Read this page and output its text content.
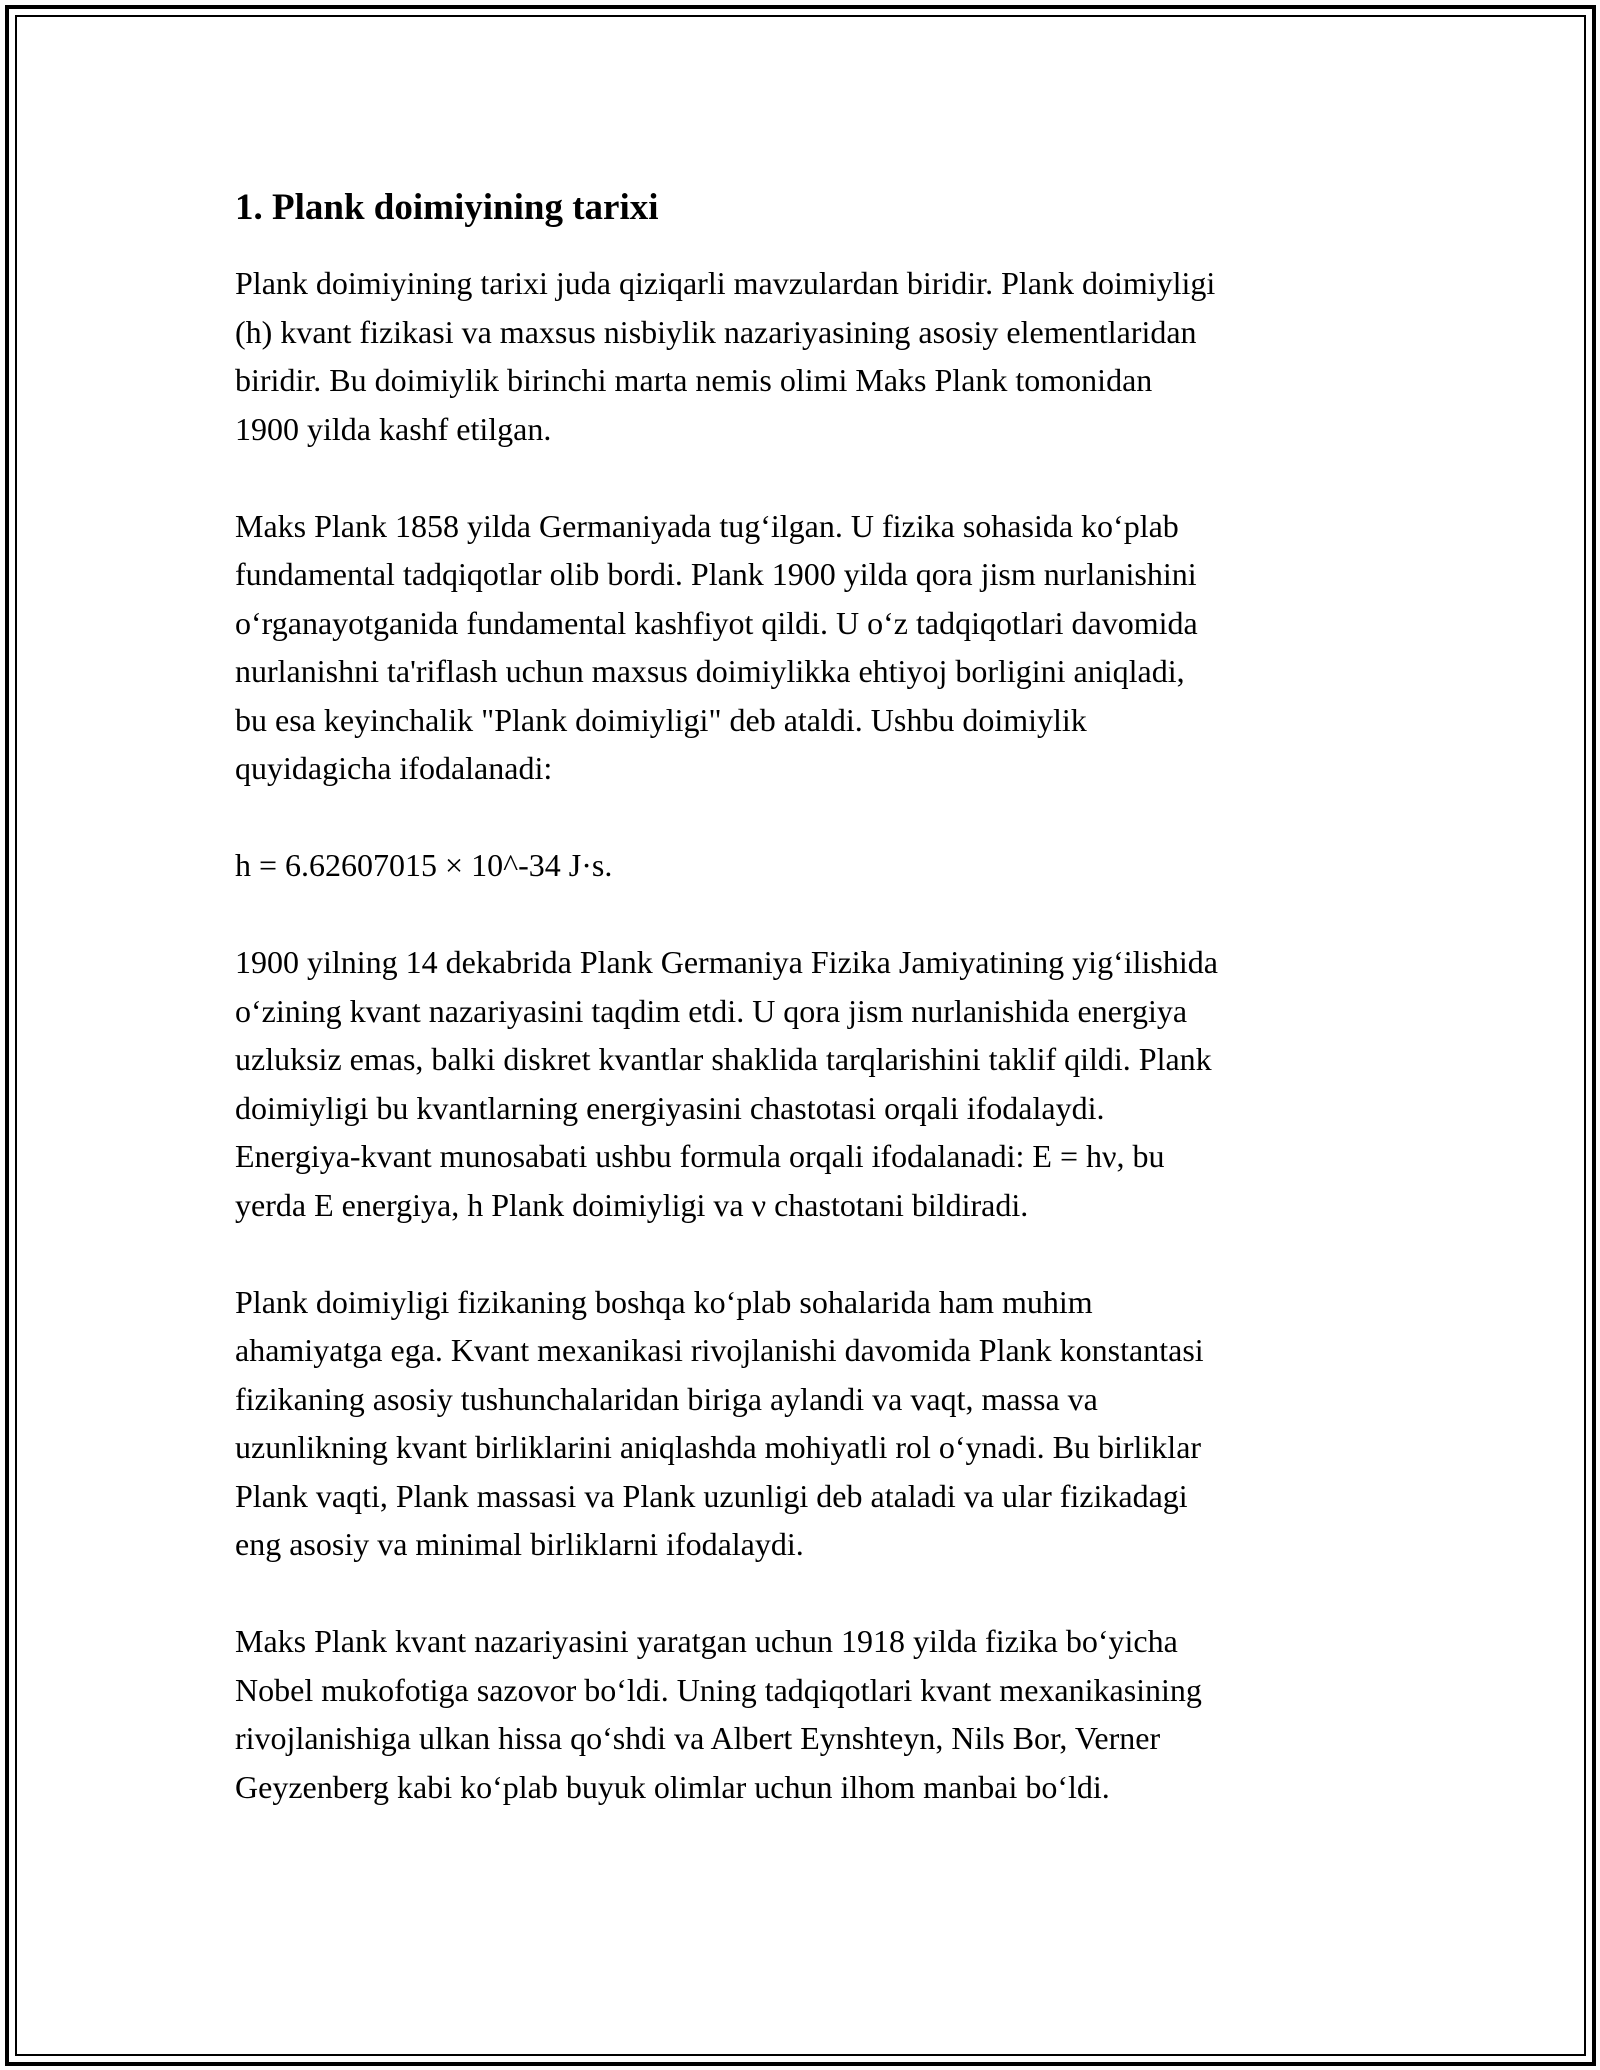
1. Plank doimiyining tarixi
Plank doimiyining tarixi juda qiziqarli mavzulardan biridir. Plank doimiyligi
(h) kvant fizikasi va maxsus nisbiylik nazariyasining asosiy elementlaridan
biridir. Bu doimiylik birinchi marta nemis olimi Maks Plank tomonidan
1900 yilda kashf etilgan.
Maks Plank 1858 yilda Germaniyada tug‘ilgan. U fizika sohasida ko‘plab
fundamental tadqiqotlar olib bordi. Plank 1900 yilda qora jism nurlanishini
o‘rganayotganida fundamental kashfiyot qildi. U o‘z tadqiqotlari davomida
nurlanishni ta'riflash uchun maxsus doimiylikka ehtiyoj borligini aniqladi,
bu esa keyinchalik "Plank doimiyligi" deb ataldi. Ushbu doimiylik
quyidagicha ifodalanadi:
h = 6.62607015 × 10^-34 J·s.
1900 yilning 14 dekabrida Plank Germaniya Fizika Jamiyatining yig‘ilishida
o‘zining kvant nazariyasini taqdim etdi. U qora jism nurlanishida energiya
uzluksiz emas, balki diskret kvantlar shaklida tarqlarishini taklif qildi. Plank
doimiyligi bu kvantlarning energiyasini chastotasi orqali ifodalaydi.
Energiya-kvant munosabati ushbu formula orqali ifodalanadi: E = hν, bu
yerda E energiya, h Plank doimiyligi va ν chastotani bildiradi.
Plank doimiyligi fizikaning boshqa ko‘plab sohalarida ham muhim
ahamiyatga ega. Kvant mexanikasi rivojlanishi davomida Plank konstantasi
fizikaning asosiy tushunchalaridan biriga aylandi va vaqt, massa va
uzunlikning kvant birliklarini aniqlashda mohiyatli rol o‘ynadi. Bu birliklar
Plank vaqti, Plank massasi va Plank uzunligi deb ataladi va ular fizikadagi
eng asosiy va minimal birliklarni ifodalaydi.
Maks Plank kvant nazariyasini yaratgan uchun 1918 yilda fizika bo‘yicha
Nobel mukofotiga sazovor bo‘ldi. Uning tadqiqotlari kvant mexanikasining
rivojlanishiga ulkan hissa qo‘shdi va Albert Eynshteyn, Nils Bor, Verner
Geyzenberg kabi ko‘plab buyuk olimlar uchun ilhom manbai bo‘ldi.
